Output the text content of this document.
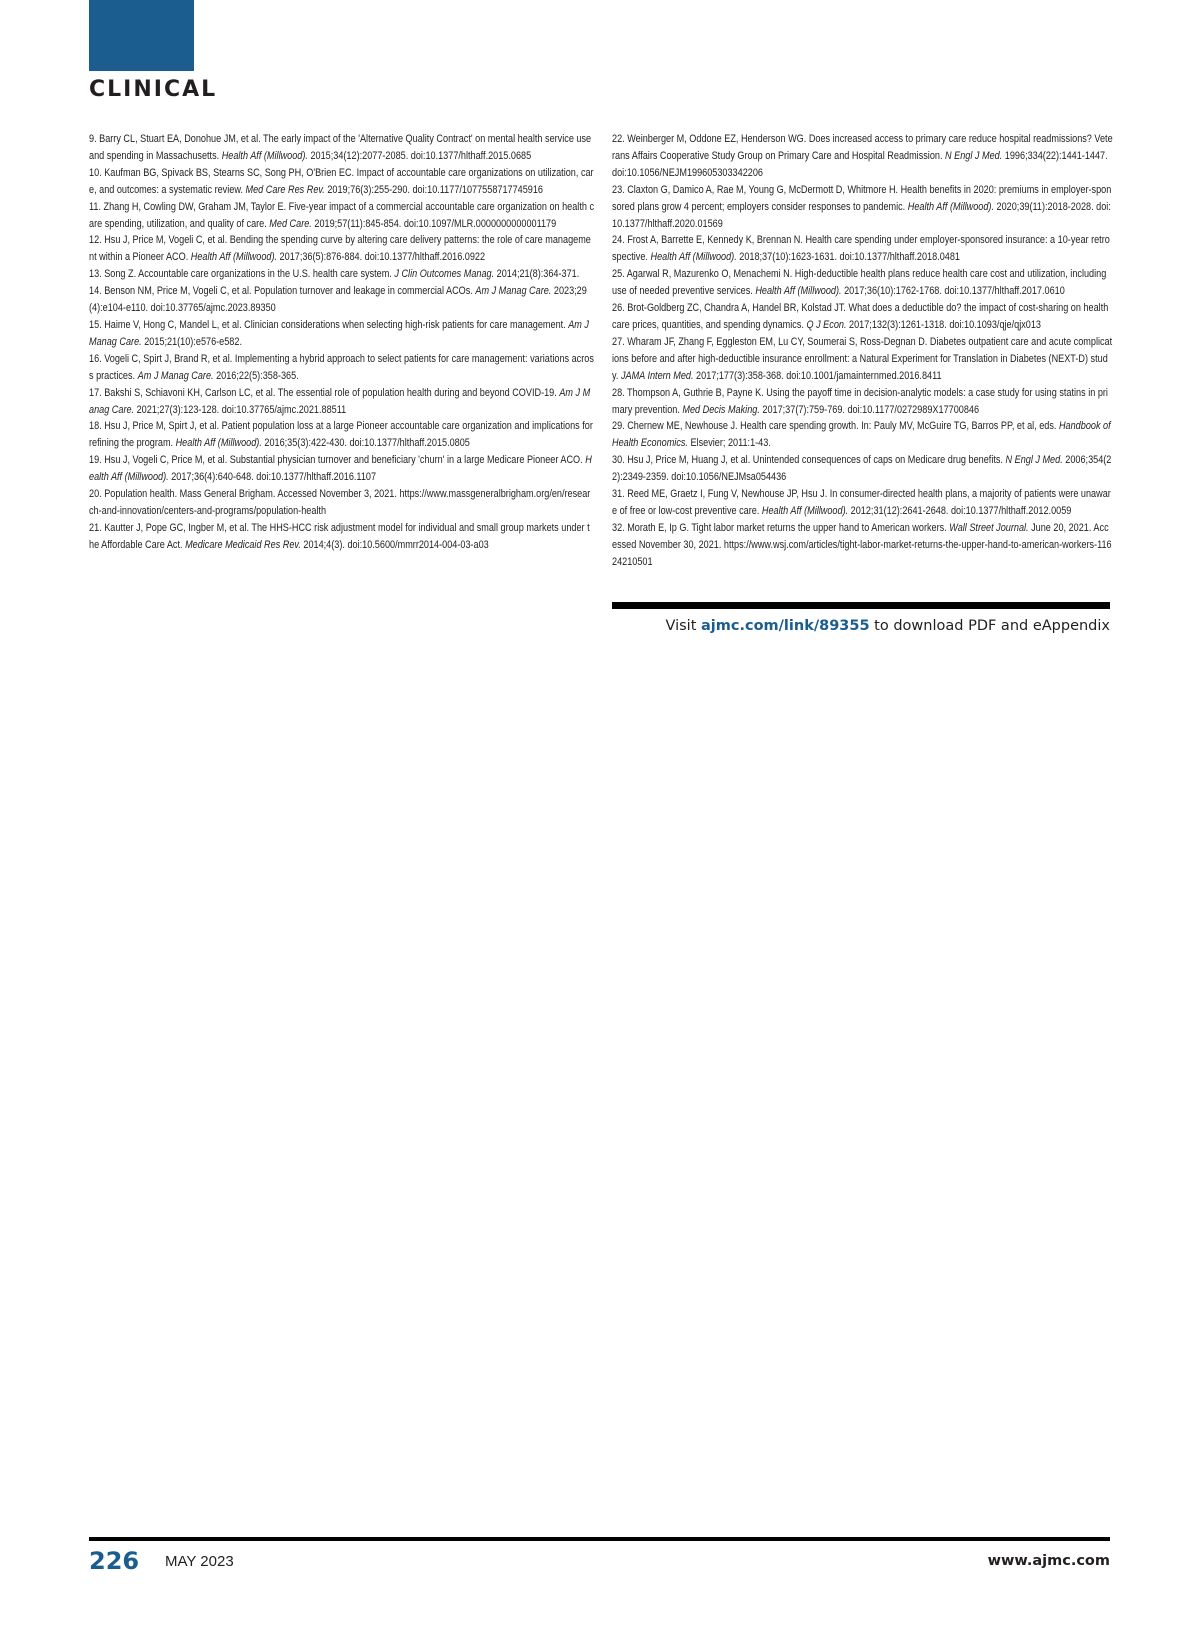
CLINICAL
9. Barry CL, Stuart EA, Donohue JM, et al. The early impact of the 'Alternative Quality Contract' on mental health service use and spending in Massachusetts. Health Aff (Millwood). 2015;34(12):2077-2085. doi:10.1377/hlthaff.2015.0685
10. Kaufman BG, Spivack BS, Stearns SC, Song PH, O'Brien EC. Impact of accountable care organizations on utilization, care, and outcomes: a systematic review. Med Care Res Rev. 2019;76(3):255-290. doi:10.1177/1077558717745916
11. Zhang H, Cowling DW, Graham JM, Taylor E. Five-year impact of a commercial accountable care organization on health care spending, utilization, and quality of care. Med Care. 2019;57(11):845-854. doi:10.1097/MLR.0000000000001179
12. Hsu J, Price M, Vogeli C, et al. Bending the spending curve by altering care delivery patterns: the role of care management within a Pioneer ACO. Health Aff (Millwood). 2017;36(5):876-884. doi:10.1377/hlthaff.2016.0922
13. Song Z. Accountable care organizations in the U.S. health care system. J Clin Outcomes Manag. 2014;21(8):364-371.
14. Benson NM, Price M, Vogeli C, et al. Population turnover and leakage in commercial ACOs. Am J Manag Care. 2023;29(4):e104-e110. doi:10.37765/ajmc.2023.89350
15. Haime V, Hong C, Mandel L, et al. Clinician considerations when selecting high-risk patients for care management. Am J Manag Care. 2015;21(10):e576-e582.
16. Vogeli C, Spirt J, Brand R, et al. Implementing a hybrid approach to select patients for care management: variations across practices. Am J Manag Care. 2016;22(5):358-365.
17. Bakshi S, Schiavoni KH, Carlson LC, et al. The essential role of population health during and beyond COVID-19. Am J Manag Care. 2021;27(3):123-128. doi:10.37765/ajmc.2021.88511
18. Hsu J, Price M, Spirt J, et al. Patient population loss at a large Pioneer accountable care organization and implications for refining the program. Health Aff (Millwood). 2016;35(3):422-430. doi:10.1377/hlthaff.2015.0805
19. Hsu J, Vogeli C, Price M, et al. Substantial physician turnover and beneficiary 'churn' in a large Medicare Pioneer ACO. Health Aff (Millwood). 2017;36(4):640-648. doi:10.1377/hlthaff.2016.1107
20. Population health. Mass General Brigham. Accessed November 3, 2021. https://www.massgeneralbrigham.org/en/research-and-innovation/centers-and-programs/population-health
21. Kautter J, Pope GC, Ingber M, et al. The HHS-HCC risk adjustment model for individual and small group markets under the Affordable Care Act. Medicare Medicaid Res Rev. 2014;4(3). doi:10.5600/mmrr2014-004-03-a03
22. Weinberger M, Oddone EZ, Henderson WG. Does increased access to primary care reduce hospital readmissions? Veterans Affairs Cooperative Study Group on Primary Care and Hospital Readmission. N Engl J Med. 1996;334(22):1441-1447. doi:10.1056/NEJM199605303342206
23. Claxton G, Damico A, Rae M, Young G, McDermott D, Whitmore H. Health benefits in 2020: premiums in employer-sponsored plans grow 4 percent; employers consider responses to pandemic. Health Aff (Millwood). 2020;39(11):2018-2028. doi:10.1377/hlthaff.2020.01569
24. Frost A, Barrette E, Kennedy K, Brennan N. Health care spending under employer-sponsored insurance: a 10-year retrospective. Health Aff (Millwood). 2018;37(10):1623-1631. doi:10.1377/hlthaff.2018.0481
25. Agarwal R, Mazurenko O, Menachemi N. High-deductible health plans reduce health care cost and utilization, including use of needed preventive services. Health Aff (Millwood). 2017;36(10):1762-1768. doi:10.1377/hlthaff.2017.0610
26. Brot-Goldberg ZC, Chandra A, Handel BR, Kolstad JT. What does a deductible do? the impact of cost-sharing on health care prices, quantities, and spending dynamics. Q J Econ. 2017;132(3):1261-1318. doi:10.1093/qje/qjx013
27. Wharam JF, Zhang F, Eggleston EM, Lu CY, Soumerai S, Ross-Degnan D. Diabetes outpatient care and acute complications before and after high-deductible insurance enrollment: a Natural Experiment for Translation in Diabetes (NEXT-D) study. JAMA Intern Med. 2017;177(3):358-368. doi:10.1001/jamainternmed.2016.8411
28. Thompson A, Guthrie B, Payne K. Using the payoff time in decision-analytic models: a case study for using statins in primary prevention. Med Decis Making. 2017;37(7):759-769. doi:10.1177/0272989X17700846
29. Chernew ME, Newhouse J. Health care spending growth. In: Pauly MV, McGuire TG, Barros PP, et al, eds. Handbook of Health Economics. Elsevier; 2011:1-43.
30. Hsu J, Price M, Huang J, et al. Unintended consequences of caps on Medicare drug benefits. N Engl J Med. 2006;354(22):2349-2359. doi:10.1056/NEJMsa054436
31. Reed ME, Graetz I, Fung V, Newhouse JP, Hsu J. In consumer-directed health plans, a majority of patients were unaware of free or low-cost preventive care. Health Aff (Millwood). 2012;31(12):2641-2648. doi:10.1377/hlthaff.2012.0059
32. Morath E, Ip G. Tight labor market returns the upper hand to American workers. Wall Street Journal. June 20, 2021. Accessed November 30, 2021. https://www.wsj.com/articles/tight-labor-market-returns-the-upper-hand-to-american-workers-11624210501
Visit ajmc.com/link/89355 to download PDF and eAppendix
226 MAY 2023	www.ajmc.com
